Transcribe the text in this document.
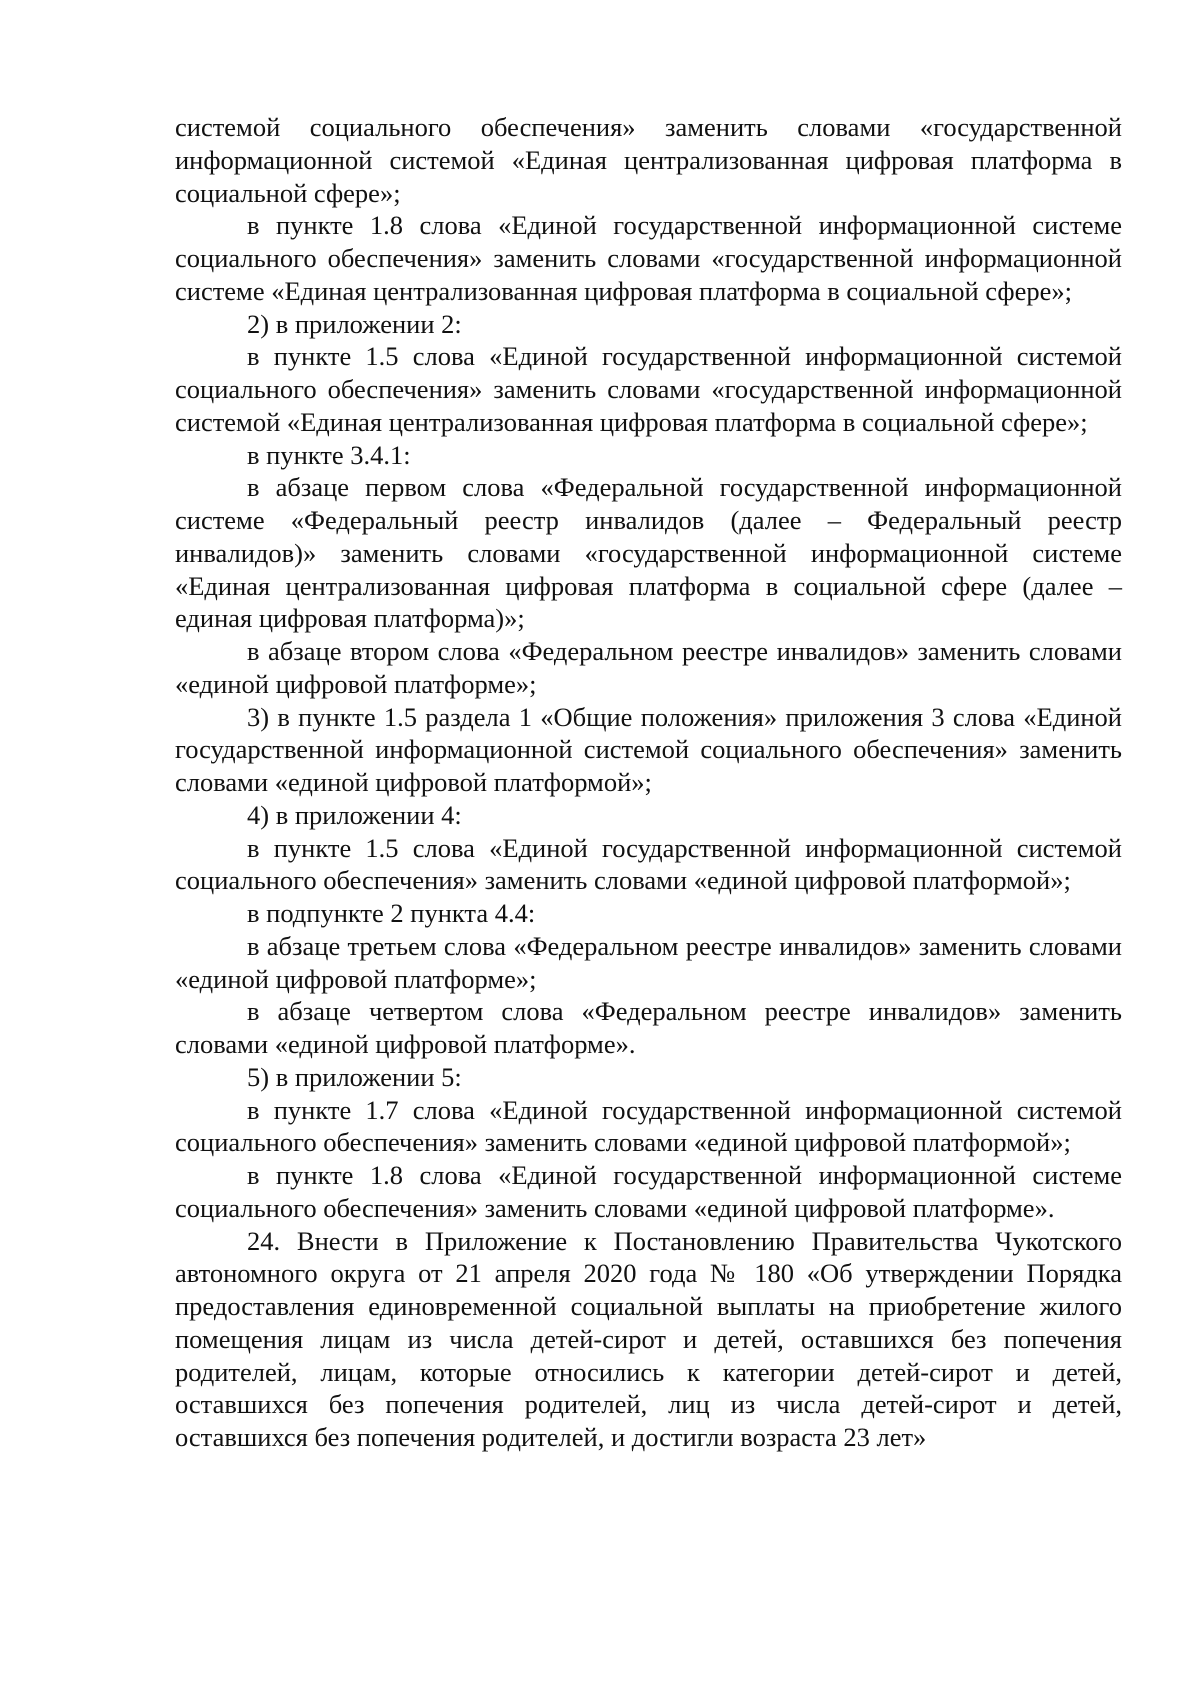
системой социального обеспечения» заменить словами «государственной информационной системой «Единая централизованная цифровая платформа в социальной сфере»;

в пункте 1.8 слова «Единой государственной информационной системе социального обеспечения» заменить словами «государственной информационной системе «Единая централизованная цифровая платформа в социальной сфере»;

2) в приложении 2:

в пункте 1.5 слова «Единой государственной информационной системой социального обеспечения» заменить словами «государственной информационной системой «Единая централизованная цифровая платформа в социальной сфере»;

в пункте 3.4.1:

в абзаце первом слова «Федеральной государственной информационной системе «Федеральный реестр инвалидов (далее – Федеральный реестр инвалидов)» заменить словами «государственной информационной системе «Единая централизованная цифровая платформа в социальной сфере (далее – единая цифровая платформа)»;

в абзаце втором слова «Федеральном реестре инвалидов» заменить словами «единой цифровой платформе»;

3) в пункте 1.5 раздела 1 «Общие положения» приложения 3 слова «Единой государственной информационной системой социального обеспечения» заменить словами «единой цифровой платформой»;

4) в приложении 4:

в пункте 1.5 слова «Единой государственной информационной системой социального обеспечения» заменить словами «единой цифровой платформой»;

в подпункте 2 пункта 4.4:

в абзаце третьем слова «Федеральном реестре инвалидов» заменить словами «единой цифровой платформе»;

в абзаце четвертом слова «Федеральном реестре инвалидов» заменить словами «единой цифровой платформе».

5) в приложении 5:

в пункте 1.7 слова «Единой государственной информационной системой социального обеспечения» заменить словами «единой цифровой платформой»;

в пункте 1.8 слова «Единой государственной информационной системе социального обеспечения» заменить словами «единой цифровой платформе».

24. Внести в Приложение к Постановлению Правительства Чукотского автономного округа от 21 апреля 2020 года № 180 «Об утверждении Порядка предоставления единовременной социальной выплаты на приобретение жилого помещения лицам из числа детей-сирот и детей, оставшихся без попечения родителей, лицам, которые относились к категории детей-сирот и детей, оставшихся без попечения родителей, лиц из числа детей-сирот и детей, оставшихся без попечения родителей, и достигли возраста 23 лет»
